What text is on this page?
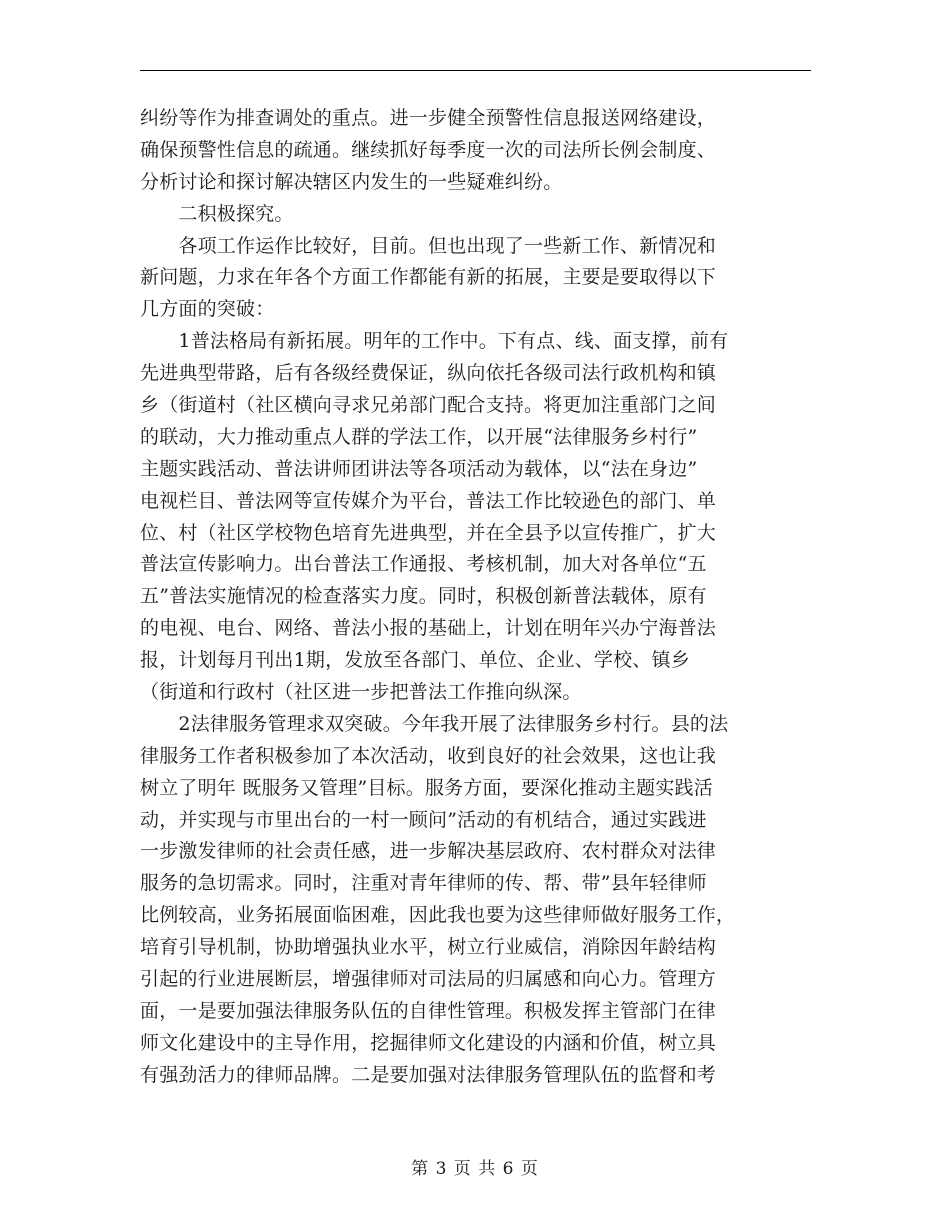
纠纷等作为排查调处的重点。进一步健全预警性信息报送网络建设，
确保预警性信息的疏通。继续抓好每季度一次的司法所长例会制度、
分析讨论和探讨解决辖区内发生的一些疑难纠纷。
　　二积极探究。
　　各项工作运作比较好，目前。但也出现了一些新工作、新情况和
新问题，力求在年各个方面工作都能有新的拓展，主要是要取得以下
几方面的突破：
　　1普法格局有新拓展。明年的工作中。下有点、线、面支撑，前有
先进典型带路，后有各级经费保证，纵向依托各级司法行政机构和镇
乡（街道村（社区横向寻求兄弟部门配合支持。将更加注重部门之间
的联动，大力推动重点人群的学法工作，以开展“法律服务乡村行”
主题实践活动、普法讲师团讲法等各项活动为载体，以“法在身边”
电视栏目、普法网等宣传媒介为平台，普法工作比较逊色的部门、单
位、村（社区学校物色培育先进典型，并在全县予以宣传推广，扩大
普法宣传影响力。出台普法工作通报、考核机制，加大对各单位“五
五”普法实施情况的检查落实力度。同时，积极创新普法载体，原有
的电视、电台、网络、普法小报的基础上，计划在明年兴办宁海普法
报，计划每月刊出1期，发放至各部门、单位、企业、学校、镇乡
（街道和行政村（社区进一步把普法工作推向纵深。
　　2法律服务管理求双突破。今年我开展了法律服务乡村行。县的法
律服务工作者积极参加了本次活动，收到良好的社会效果，这也让我
树立了明年 既服务又管理”目标。服务方面，要深化推动主题实践活
动，并实现与市里出台的一村一顾问”活动的有机结合，通过实践进
一步激发律师的社会责任感，进一步解决基层政府、农村群众对法律
服务的急切需求。同时，注重对青年律师的传、帮、带”县年轻律师
比例较高，业务拓展面临困难，因此我也要为这些律师做好服务工作，
培育引导机制，协助增强执业水平，树立行业威信，消除因年龄结构
引起的行业进展断层，增强律师对司法局的归属感和向心力。管理方
面，一是要加强法律服务队伍的自律性管理。积极发挥主管部门在律
师文化建设中的主导作用，挖掘律师文化建设的内涵和价值，树立具
有强劲活力的律师品牌。二是要加强对法律服务管理队伍的监督和考
第 3 页 共 6 页
